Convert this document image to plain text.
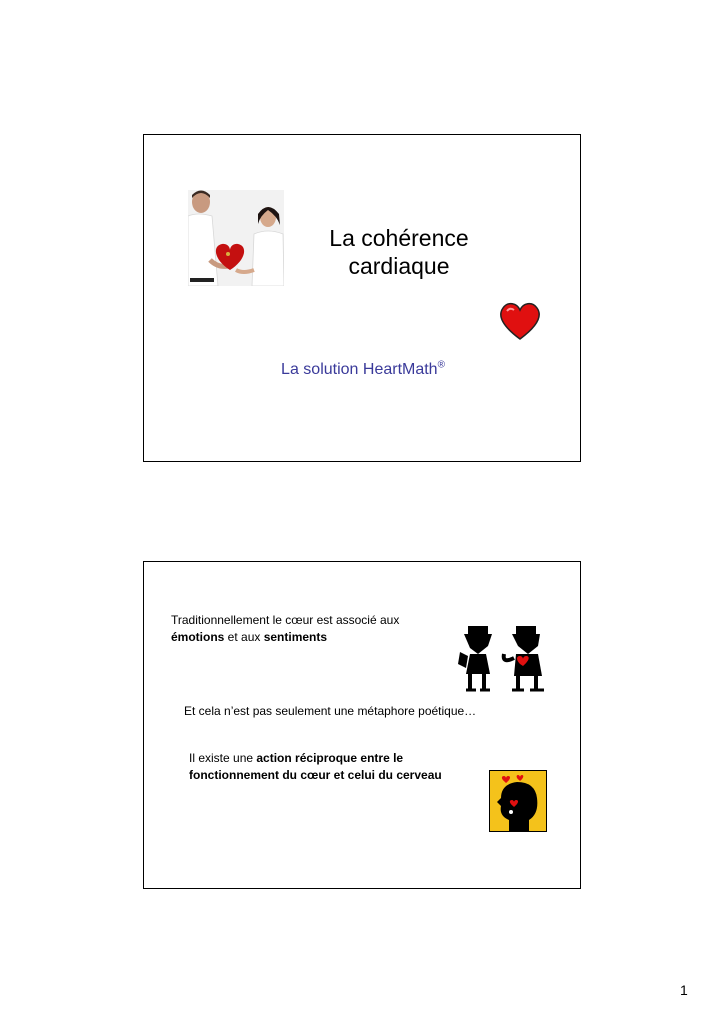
La cohérence
cardiaque
La solution HeartMath®
Traditionnellement le cœur est associé aux
émotions et aux sentiments
Et cela n’est pas seulement une métaphore poétique…
Il existe une action réciproque entre le fonctionnement du cœur et celui du cerveau
1
